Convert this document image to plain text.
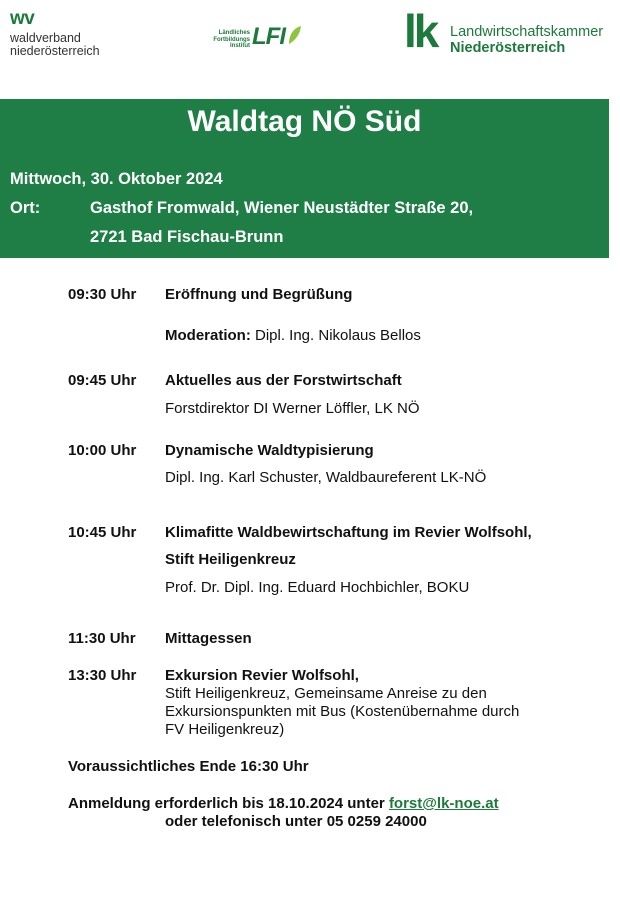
wv
waldverband
niederösterreich
Ländliches
Fortbildungs
Institut LFI	lk Landwirtschaftskammer
Niederösterreich
Waldtag NÖ Süd
Mittwoch, 30. Oktober 2024
Ort:	Gasthof Fromwald, Wiener Neustädter Straße 20,
2721 Bad Fischau-Brunn
09:30 Uhr Eröffnung und Begrüßung
Moderation: Dipl. Ing. Nikolaus Bellos
09:45 Uhr Aktuelles aus der Forstwirtschaft
Forstdirektor DI Werner Löffler, LK NÖ
10:00 Uhr Dynamische Waldtypisierung
Dipl. Ing. Karl Schuster, Waldbaureferent LK-NÖ
10:45 Uhr Klimafitte Waldbewirtschaftung im Revier Wolfsohl,
Stift Heiligenkreuz
Prof. Dr. Dipl. Ing. Eduard Hochbichler, BOKU
11:30 Uhr Mittagessen
13:30 Uhr Exkursion Revier Wolfsohl,
Stift Heiligenkreuz, Gemeinsame Anreise zu den
Exkursionspunkten mit Bus (Kostenübernahme durch
FV Heiligenkreuz)
Voraussichtliches Ende 16:30 Uhr
Anmeldung erforderlich bis 18.10.2024 unter forst@lk-noe.at
oder telefonisch unter 05 0259 24000
